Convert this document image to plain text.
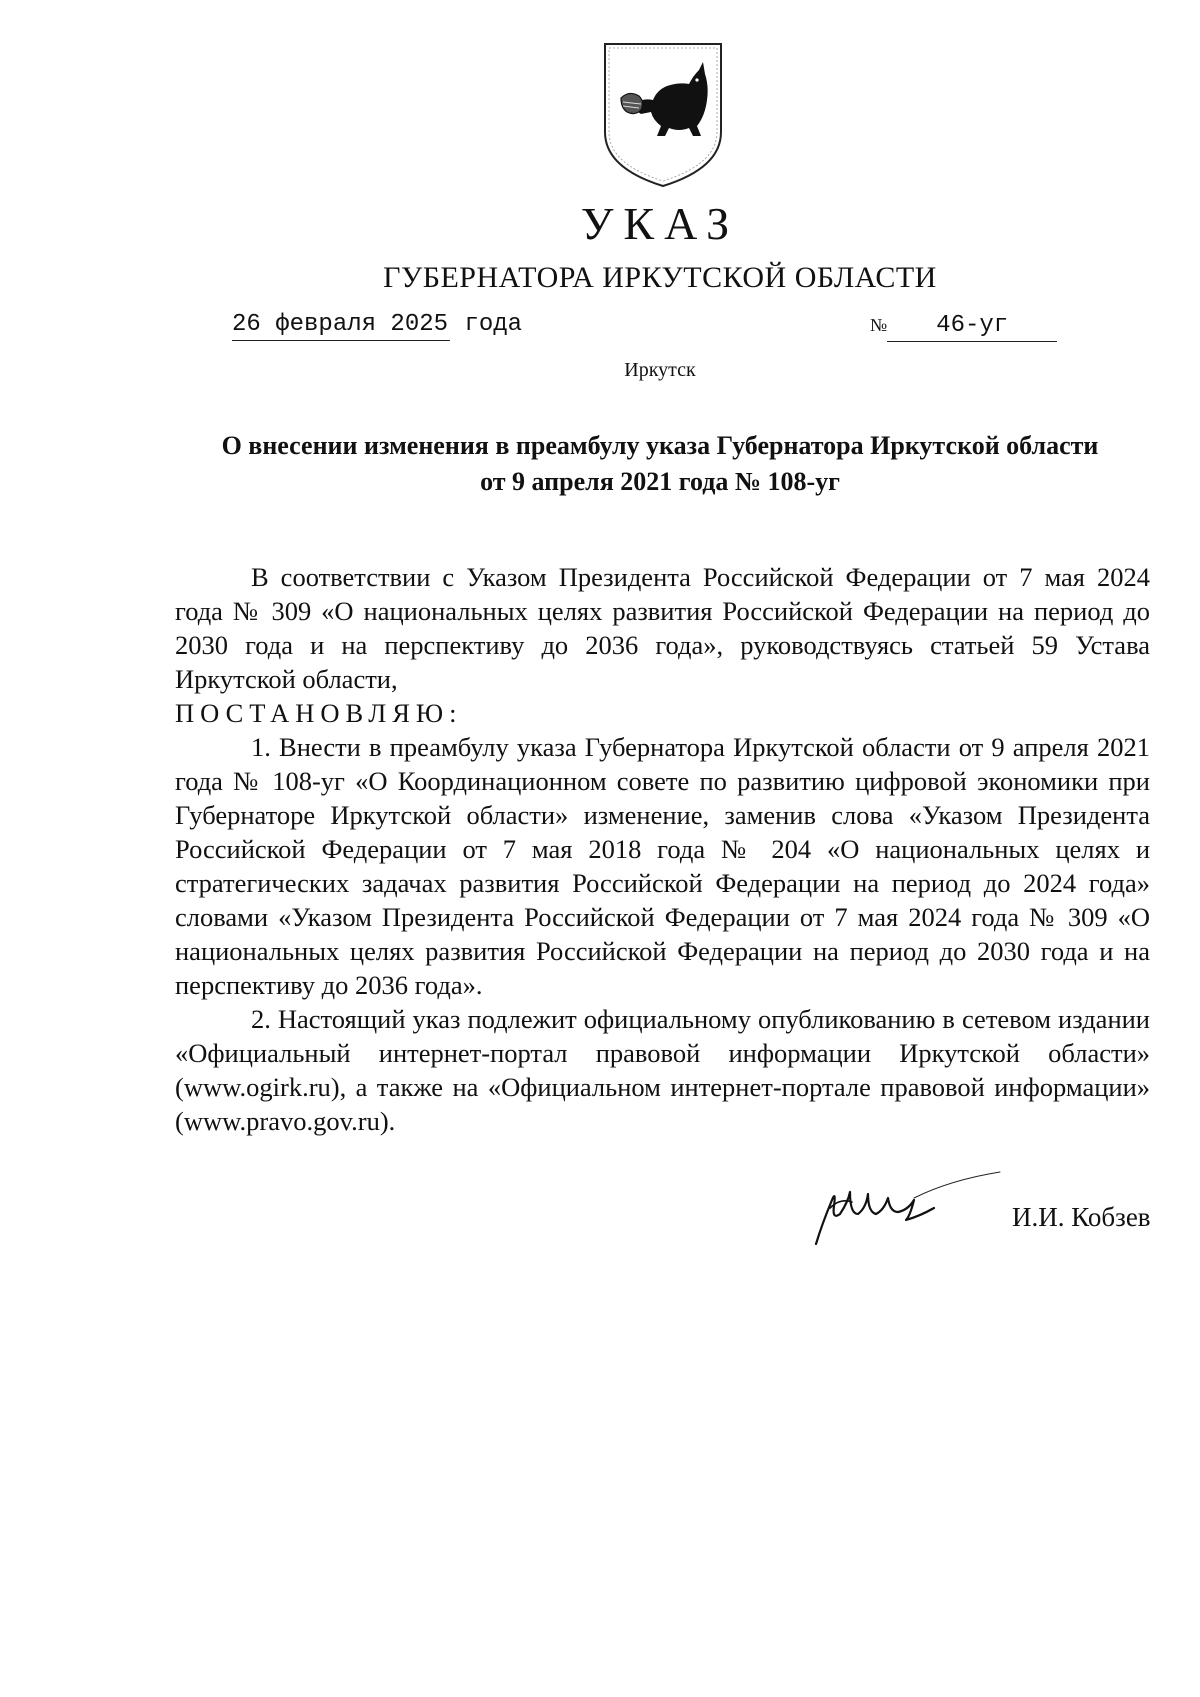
УКАЗ
ГУБЕРНАТОРА ИРКУТСКОЙ ОБЛАСТИ
26 февраля 2025 года	№ 46-уг
Иркутск
О внесении изменения в преамбулу указа Губернатора Иркутской области
от 9 апреля 2021 года № 108-уг

В соответствии с Указом Президента Российской Федерации от 7 мая 2024 года № 309 «О национальных целях развития Российской Федерации на период до 2030 года и на перспективу до 2036 года», руководствуясь статьей 59 Устава Иркутской области,

ПОСТАНОВЛЯЮ:

1. Внести в преамбулу указа Губернатора Иркутской области от 9 апреля 2021 года № 108-уг «О Координационном совете по развитию цифровой экономики при Губернаторе Иркутской области» изменение, заменив слова «Указом Президента Российской Федерации от 7 мая 2018 года № 204 «О национальных целях и стратегических задачах развития Российской Федерации на период до 2024 года» словами «Указом Президента Российской Федерации от 7 мая 2024 года № 309 «О национальных целях развития Российской Федерации на период до 2030 года и на перспективу до 2036 года».

2. Настоящий указ подлежит официальному опубликованию в сетевом издании «Официальный интернет-портал правовой информации Иркутской области» (www.ogirk.ru), а также на «Официальном интернет-портале правовой информации» (www.pravo.gov.ru).

И.И. Кобзев
